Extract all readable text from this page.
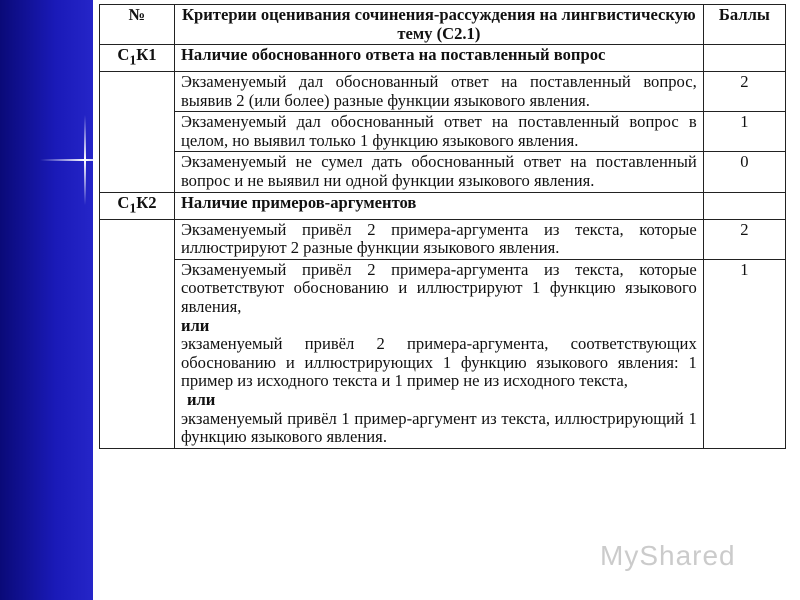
№	Критерии оценивания сочинения-рассуждения на лингвистическую тему (С2.1)	Баллы
$С_1К1$	Наличие обоснованного ответа на поставленный вопрос	
	Экзаменуемый дал обоснованный ответ на поставленный вопрос, выявив 2 (или более) разные функции языкового явления.	2
	Экзаменуемый дал обоснованный ответ на поставленный вопрос в целом, но выявил только 1 функцию языкового явления.	1
	Экзаменуемый не сумел дать обоснованный ответ на поставленный вопрос и не выявил ни одной функции языкового явления.	0
$С_1К2$	Наличие примеров-аргументов	
	Экзаменуемый привёл 2 примера-аргумента из текста, которые иллюстрируют 2 разные функции языкового явления.	2
	Экзаменуемый привёл 2 примера-аргумента из текста, которые соответствуют обоснованию и иллюстрируют 1 функцию языкового явления,
или
экзаменуемый привёл 2 примера-аргумента, соответствующих обоснованию и иллюстрирующих 1 функцию языкового явления: 1 пример из исходного текста и 1 пример не из исходного текста,
или
экзаменуемый привёл 1 пример-аргумент из текста, иллюстрирующий 1 функцию языкового явления.	1
MyShared
